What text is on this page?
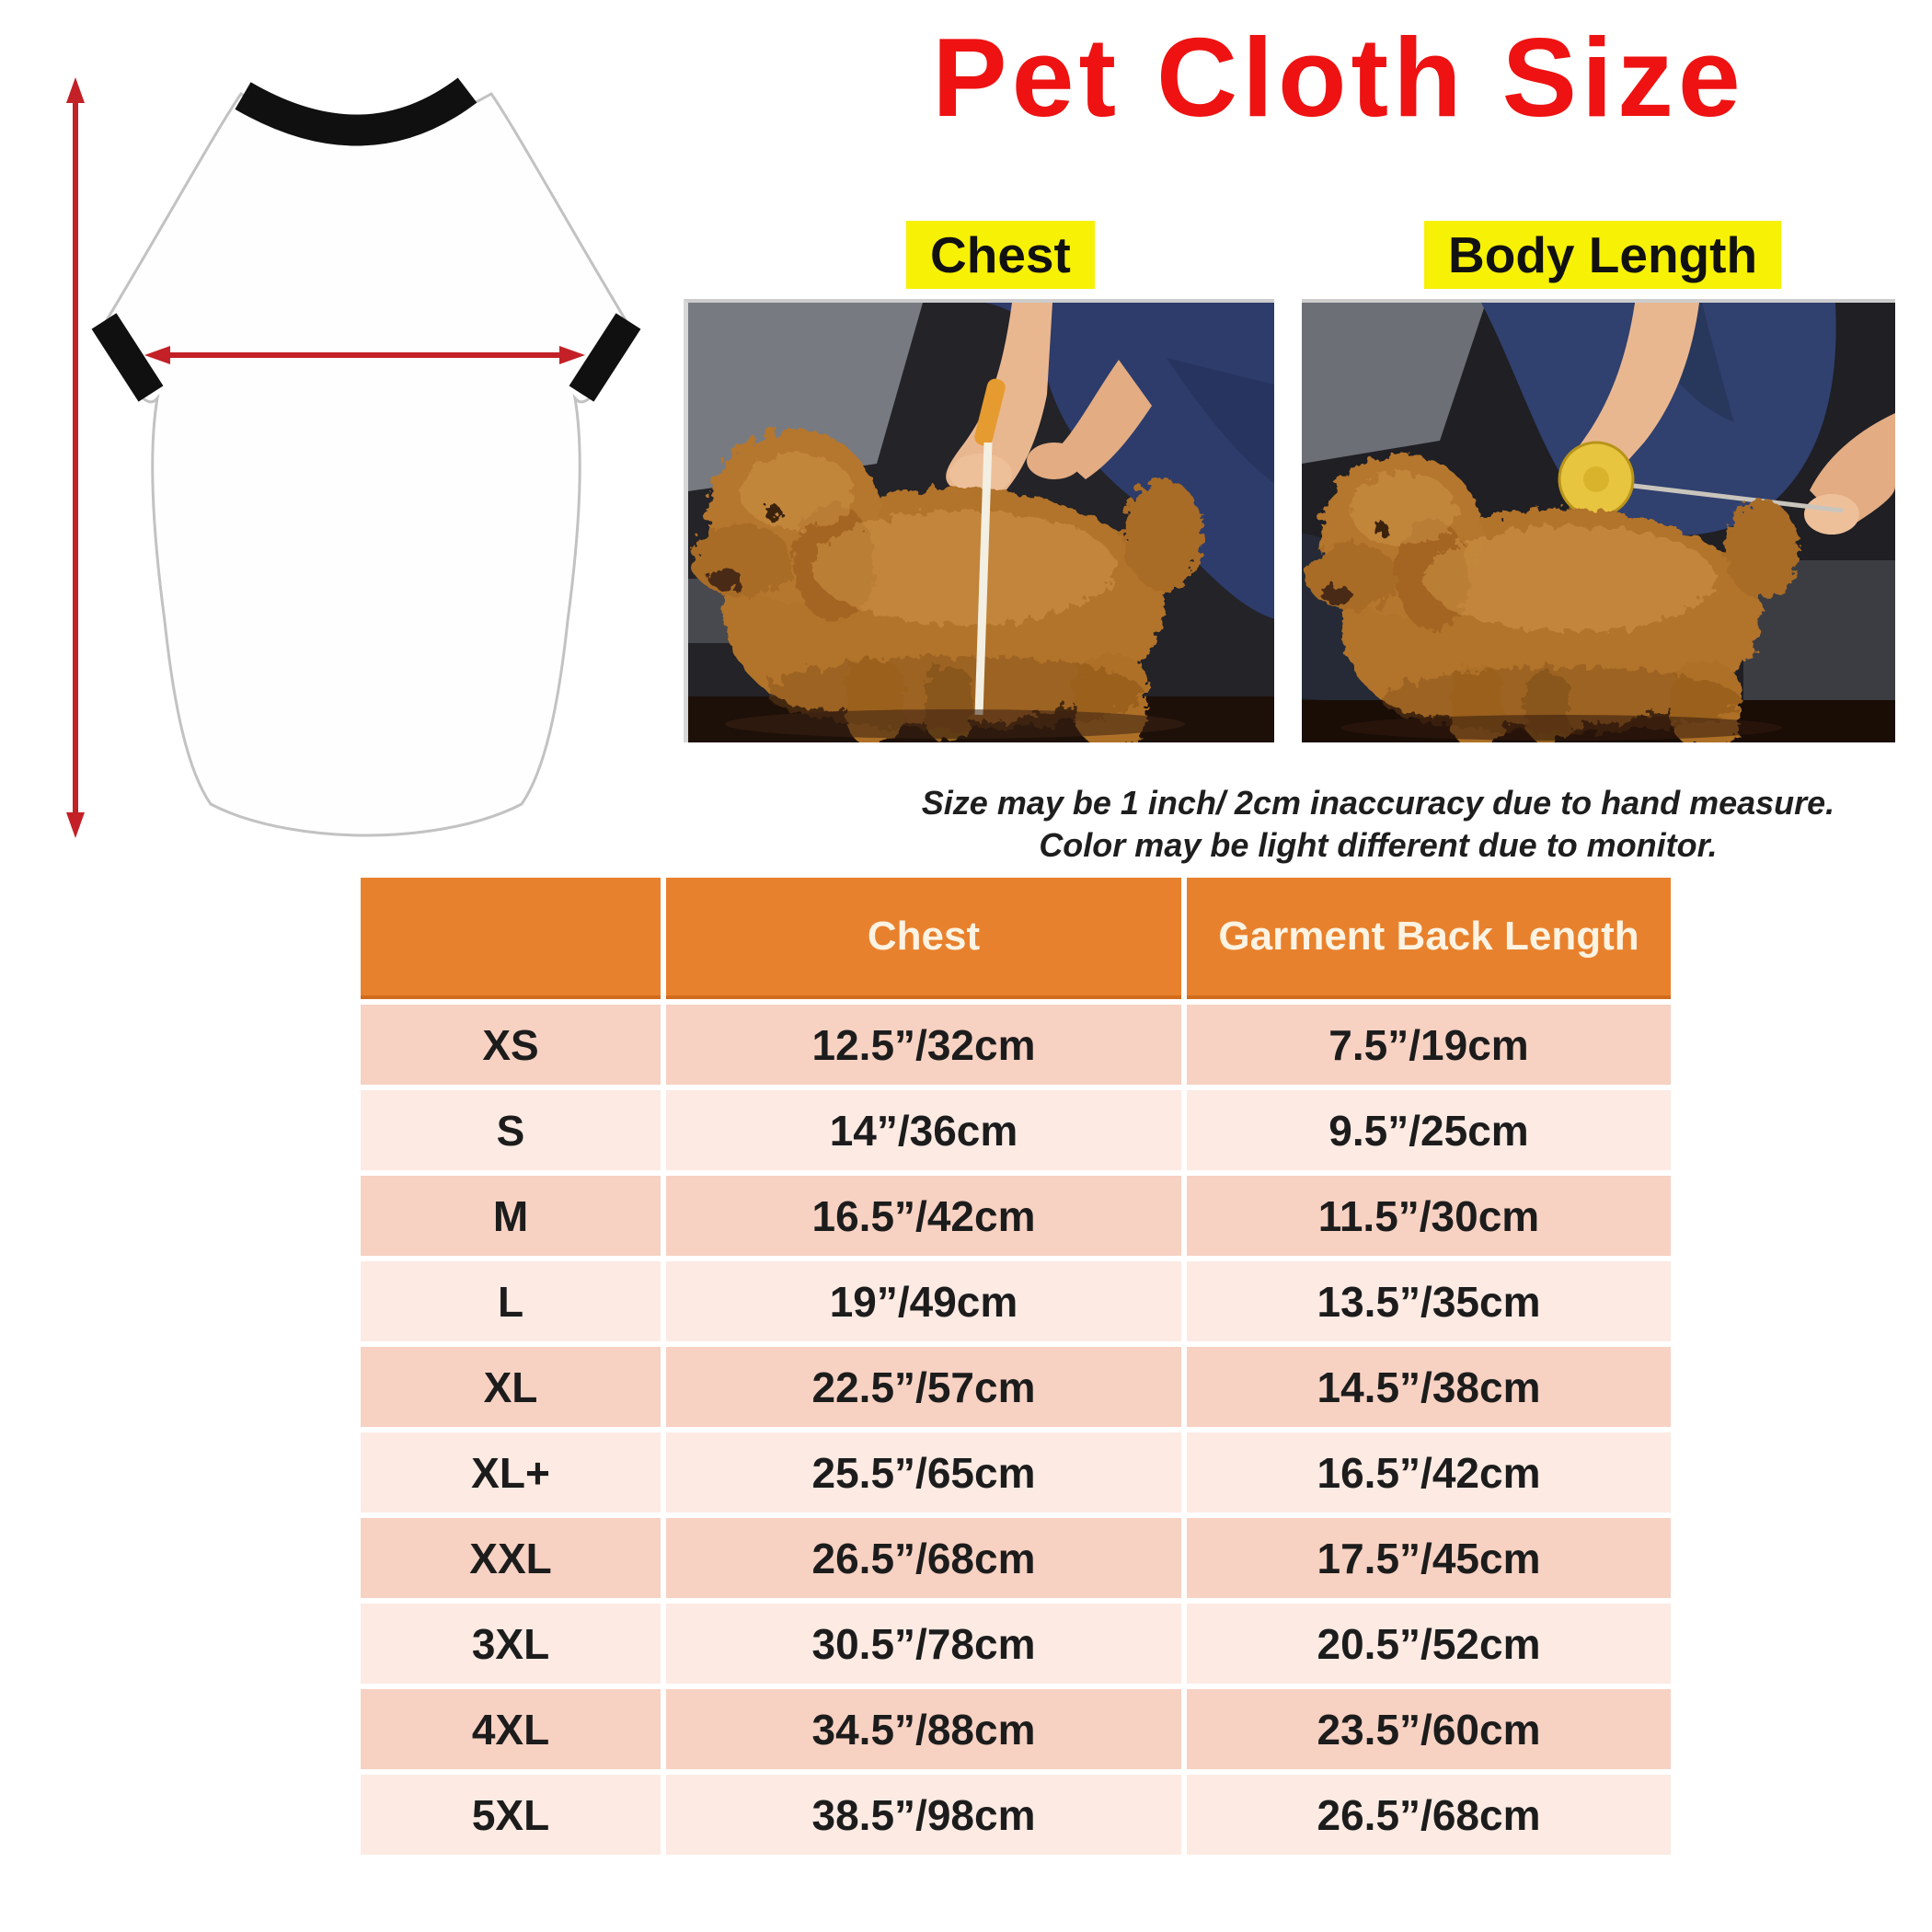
Pet Cloth Size
Chest	Body Length
Size may be 1 inch/ 2cm inaccuracy due to hand measure.
Color may be light different due to monitor.
Chest	Garment Back Length
XS	12.5”/32cm	7.5”/19cm
S	14”/36cm	9.5”/25cm
M	16.5”/42cm	11.5”/30cm
L	19”/49cm	13.5”/35cm
XL	22.5”/57cm	14.5”/38cm
XL+	25.5”/65cm	16.5”/42cm
XXL	26.5”/68cm	17.5”/45cm
3XL	30.5”/78cm	20.5”/52cm
4XL	34.5”/88cm	23.5”/60cm
5XL	38.5”/98cm	26.5”/68cm
